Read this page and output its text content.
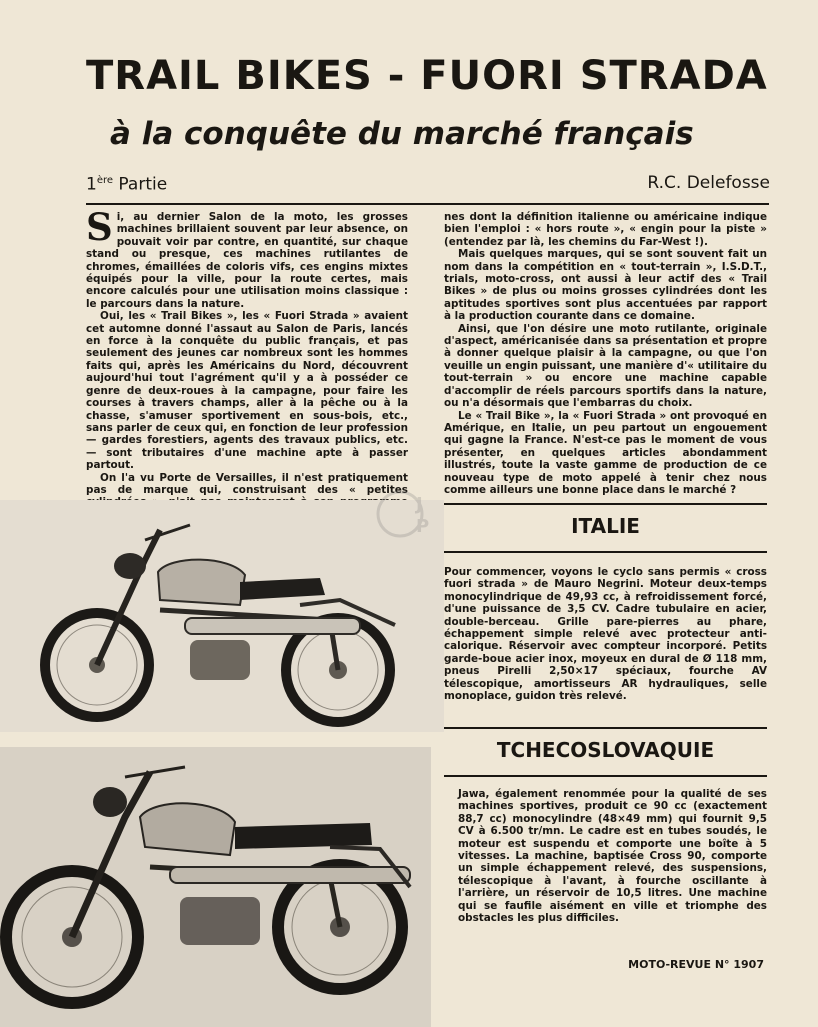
TRAIL BIKES - FUORI STRADA
à la conquête du marché français
1ère Partie	R.C. Delefosse

Si, au dernier Salon de la moto, les grosses machines brillaient souvent par leur absence, on pouvait voir par contre, en quantité, sur chaque stand ou presque, ces machines rutilantes de chromes, émaillées de coloris vifs, ces engins mixtes équipés pour la ville, pour la route certes, mais encore calculés pour une utilisation moins classique : le parcours dans la nature.

Oui, les « Trail Bikes », les « Fuori Strada » avaient cet automne donné l'assaut au Salon de Paris, lancés en force à la conquête du public français, et pas seulement des jeunes car nombreux sont les hommes faits qui, après les Américains du Nord, découvrent aujourd'hui tout l'agrément qu'il y a à posséder ce genre de deux-roues à la campagne, pour faire les courses à travers champs, aller à la pêche ou à la chasse, s'amuser sportivement en sous-bois, etc., sans parler de ceux qui, en fonction de leur profession — gardes forestiers, agents des travaux publics, etc. — sont tributaires d'une machine apte à passer partout.

On l'a vu Porte de Versailles, il n'est pratiquement pas de marque qui, construisant des « petites

nes dont la définition italienne ou américaine indique bien l'emploi : « hors route », « engin pour la piste » (entendez par là, les chemins du Far-West !).

Mais quelques marques, qui se sont souvent fait un nom dans la compétition en « tout-terrain », I.S.D.T., trials, moto-cross, ont aussi à leur actif des « Trail Bikes » de plus ou moins grosses cylindrées dont les aptitudes sportives sont plus accentuées par rapport à la production courante dans ce domaine.

Ainsi, que l'on désire une moto rutilante, originale d'aspect, américanisée dans sa présentation et propre à donner quelque plaisir à la campagne, ou que l'on veuille un engin puissant, une manière d'« utilitaire du tout-terrain » ou encore une machine capable d'accomplir de réels parcours sportifs dans la nature, ou n'a désormais que l'embarras du choix.

Le « Trail Bike », la « Fuori Strada » ont provoqué en Amérique, en Italie, un peu partout un engouement qui gagne la France. N'est-ce pas le moment de vous présenter, en quelques articles abondamment illustrés, toute la vaste gamme de production de ce nouveau type de moto appelé à tenir chez nous comme ailleurs une bonne place dans le marché ?

J
P	ITALIE

Pour commencer, voyons le cyclo sans permis « cross fuori strada » de Mauro Negrini. Moteur deux-temps monocylindrique de 49,93 cc, à refroidissement forcé, d'une puissance de 3,5 CV. Cadre tubulaire en acier, double-berceau. Grille pare-pierres au phare, échappement simple relevé avec protecteur anti-calorique. Réservoir avec compteur incorporé. Petits garde-boue acier inox, moyeux en dural de Ø 118 mm, pneus Pirelli 2,50×17 spéciaux, fourche AV télescopique, amortisseurs AR hydrauliques, selle monoplace, guidon très relevé.

TCHECOSLOVAQUIE

Jawa, également renommée pour la qualité de ses machines sportives, produit ce 90 cc (exactement 88,7 cc) monocylindre (48×49 mm) qui fournit 9,5 CV à 6.500 tr/mn. Le cadre est en tubes soudés, le moteur est suspendu et comporte une boîte à 5 vitesses. La machine, baptisée Cross 90, comporte un simple échappement relevé, des suspensions, télescopique à l'avant, à fourche oscillante à l'arrière, un réservoir de 10,5 litres. Une machine qui se faufile aisément en ville et triomphe des obstacles les plus difficiles.

MOTO-REVUE N° 1907
